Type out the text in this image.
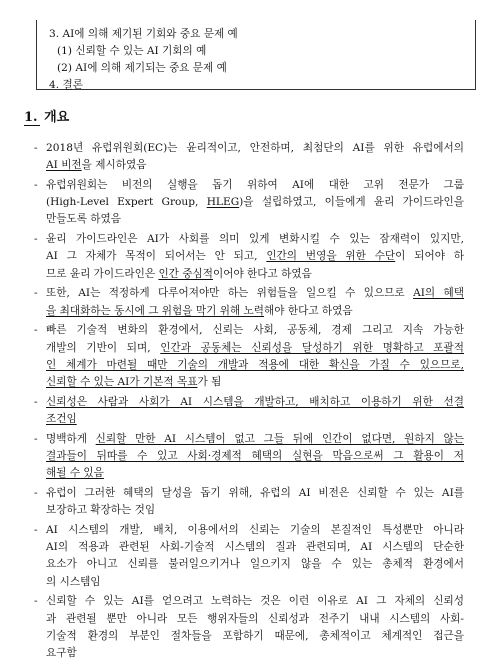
3. AI에 의해 제기된 기회와 중요 문제 예
(1) 신뢰할 수 있는 AI 기회의 예
(2) AI에 의해 제기되는 중요 문제 예
4. 결론
1. 개요
- 2018년 유럽위원회(EC)는 윤리적이고, 안전하며, 최첨단의 AI를 위한 유럽에서의
AI 비전을 제시하였음
- 유럽위원회는 비전의 실행을 돕기 위하여 AI에 대한 고위 전문가 그룹
(High-Level Expert Group, HLEG)을 설립하였고, 이들에게 윤리 가이드라인을
만들도록 하였음
- 윤리 가이드라인은 AI가 사회를 의미 있게 변화시킬 수 있는 잠재력이 있지만,
AI 그 자체가 목적이 되어서는 안 되고, 인간의 번영을 위한 수단이 되어야 하
므로 윤리 가이드라인은 인간 중심적이어야 한다고 하였음
- 또한, AI는 적정하게 다루어져야만 하는 위험들을 일으킬 수 있으므로 AI의 혜택
을 최대화하는 동시에 그 위험을 막기 위해 노력해야 한다고 하였음
- 빠른 기술적 변화의 환경에서, 신뢰는 사회, 공동체, 경제 그리고 지속 가능한
개발의 기반이 되며, 인간과 공동체는 신뢰성을 달성하기 위한 명확하고 포괄적
인 체계가 마련될 때만 기술의 개발과 적용에 대한 확신을 가질 수 있으므로,
신뢰할 수 있는 AI가 기본적 목표가 됨
- 신뢰성은 사람과 사회가 AI 시스템을 개발하고, 배치하고 이용하기 위한 선결
조건임
- 명백하게 신뢰할 만한 AI 시스템이 없고 그들 뒤에 인간이 없다면, 원하지 않는
결과들이 뒤따를 수 있고 사회·경제적 혜택의 실현을 막음으로써 그 활용이 저
해될 수 있음
- 유럽이 그러한 혜택의 달성을 돕기 위해, 유럽의 AI 비전은 신뢰할 수 있는 AI를
보장하고 확장하는 것임
- AI 시스템의 개발, 배치, 이용에서의 신뢰는 기술의 본질적인 특성뿐만 아니라
AI의 적용과 관련된 사회-기술적 시스템의 질과 관련되며, AI 시스템의 단순한
요소가 아니고 신뢰를 불러일으키거나 일으키지 않을 수 있는 총체적 환경에서
의 시스템임
- 신뢰할 수 있는 AI를 얻으려고 노력하는 것은 이런 이유로 AI 그 자체의 신뢰성
과 관련될 뿐만 아니라 모든 행위자들의 신뢰성과 전주기 내내 시스템의 사회-
기술적 환경의 부분인 절차들을 포함하기 때문에, 총체적이고 체계적인 접근을
요구함
